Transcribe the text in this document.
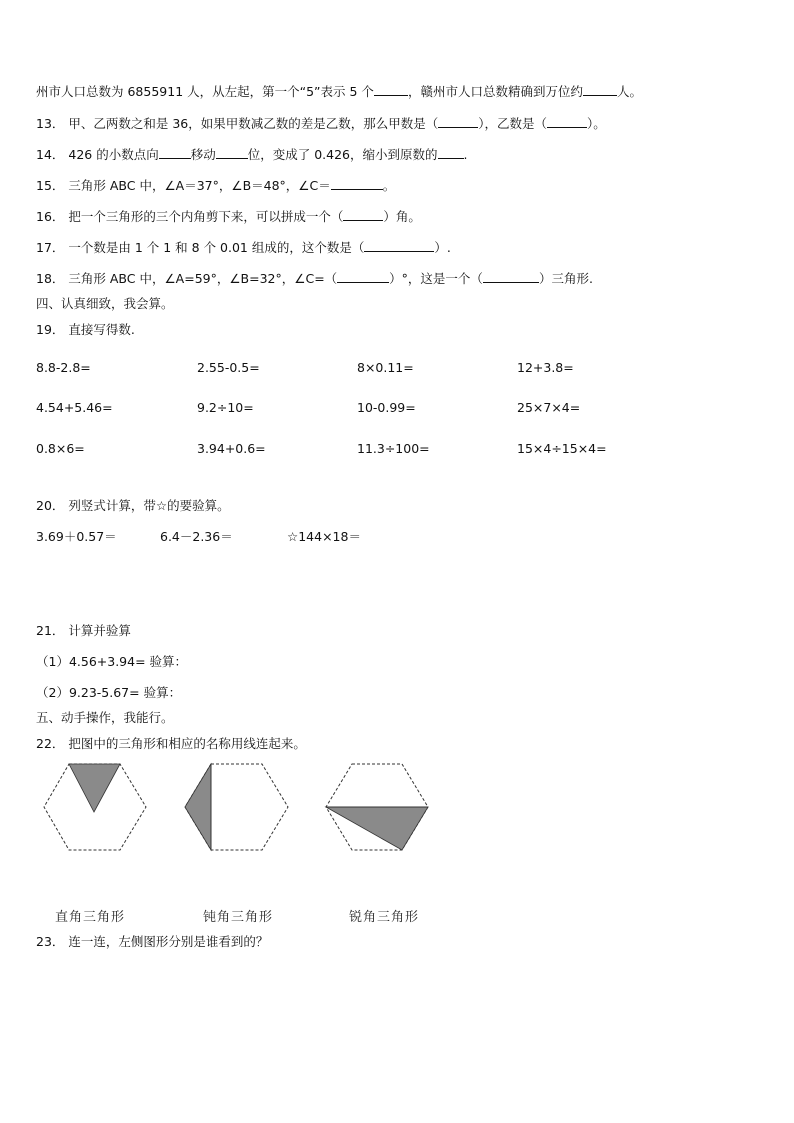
州市人口总数为 6855911 人，从左起，第一个“5”表示 5 个	，赣州市人口总数精确到万位约	人。
13． 甲、乙两数之和是 36，如果甲数减乙数的差是乙数，那么甲数是（	），乙数是（	）。
14． 426 的小数点向	移动	位，变成了 0.426，缩小到原数的 .
15． 三角形 ABC 中，∠A＝37°，∠B＝48°，∠C＝	。
16． 把一个三角形的三个内角剪下来，可以拼成一个（	）角。
17． 一个数是由 1 个 1 和 8 个 0.01 组成的，这个数是（	）.
18． 三角形 ABC 中，∠A=59°，∠B=32°，∠C=（	）°，这是一个（	）三角形.
四、认真细致，我会算。
19． 直接写得数.
8.8-2.8=	2.55-0.5=	8×0.11=	12+3.8=
4.54+5.46=	9.2÷10=	10-0.99=	25×7×4=
0.8×6=	3.94+0.6=	11.3÷100=	15×4÷15×4=
20． 列竖式计算，带☆的要验算。
3.69＋0.57＝	6.4－2.36＝	☆144×18＝
21． 计算并验算
（1）4.56+3.94= 验算：
（2）9.23-5.67= 验算：
五、动手操作，我能行。
22． 把图中的三角形和相应的名称用线连起来。
直角三角形	钝角三角形	锐角三角形
23． 连一连，左侧图形分别是谁看到的？
